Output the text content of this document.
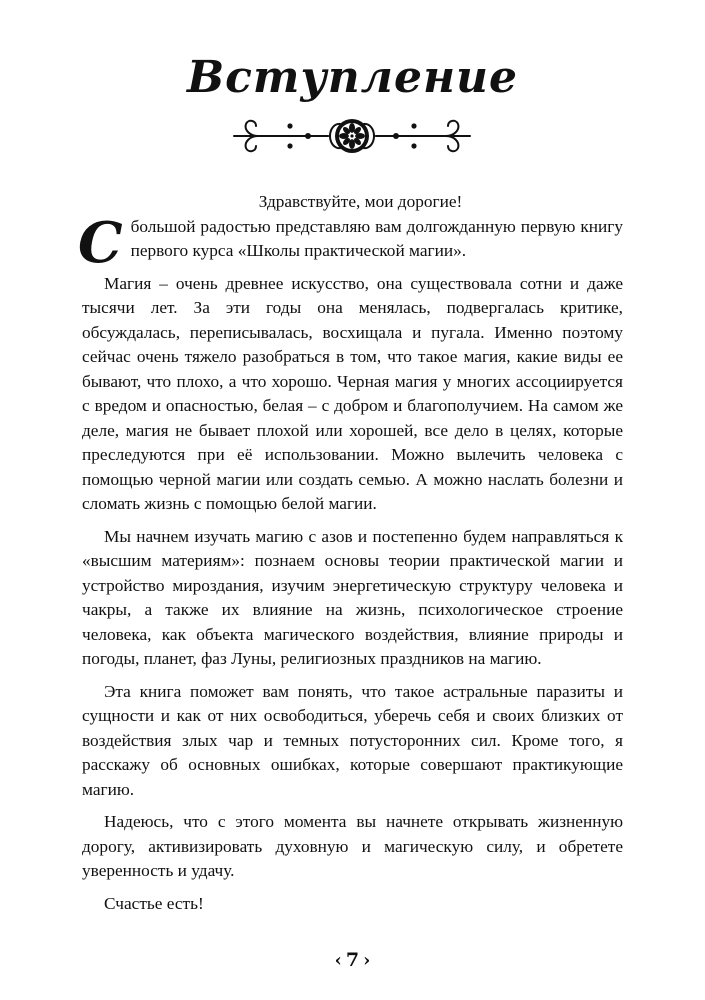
Вступление

Здравствуйте, мои дорогие!

Сбольшой радостью представляю вам долгожданную первую книгу первого курса «Школы практической магии».

Магия – очень древнее искусство, она существовала сотни и даже тысячи лет. За эти годы она менялась, подвергалась критике, обсуждалась, переписывалась, восхищала и пугала. Именно поэтому сейчас очень тяжело разобраться в том, что такое магия, какие виды ее бывают, что плохо, а что хорошо. Черная магия у многих ассоциируется с вредом и опасностью, белая – с добром и благополучием. На самом же деле, магия не бывает плохой или хорошей, все дело в целях, которые преследуются при её использовании. Можно вылечить человека с помощью черной магии или создать семью. А можно наслать болезни и сломать жизнь с помощью белой магии.

Мы начнем изучать магию с азов и постепенно будем направляться к «высшим материям»: познаем основы теории практической магии и устройство мироздания, изучим энергетическую структуру человека и чакры, а также их влияние на жизнь, психологическое строение человека, как объекта магического воздействия, влияние природы и погоды, планет, фаз Луны, религиозных праздников на магию.

Эта книга поможет вам понять, что такое астральные паразиты и сущности и как от них освободиться, уберечь себя и своих близких от воздействия злых чар и темных потусторонних сил. Кроме того, я расскажу об основных ошибках, которые совершают практикующие магию.

Надеюсь, что с этого момента вы начнете открывать жизненную дорогу, активизировать духовную и магическую силу, и обретете уверенность и удачу.

Счастье есть!

‹ 7 ›
